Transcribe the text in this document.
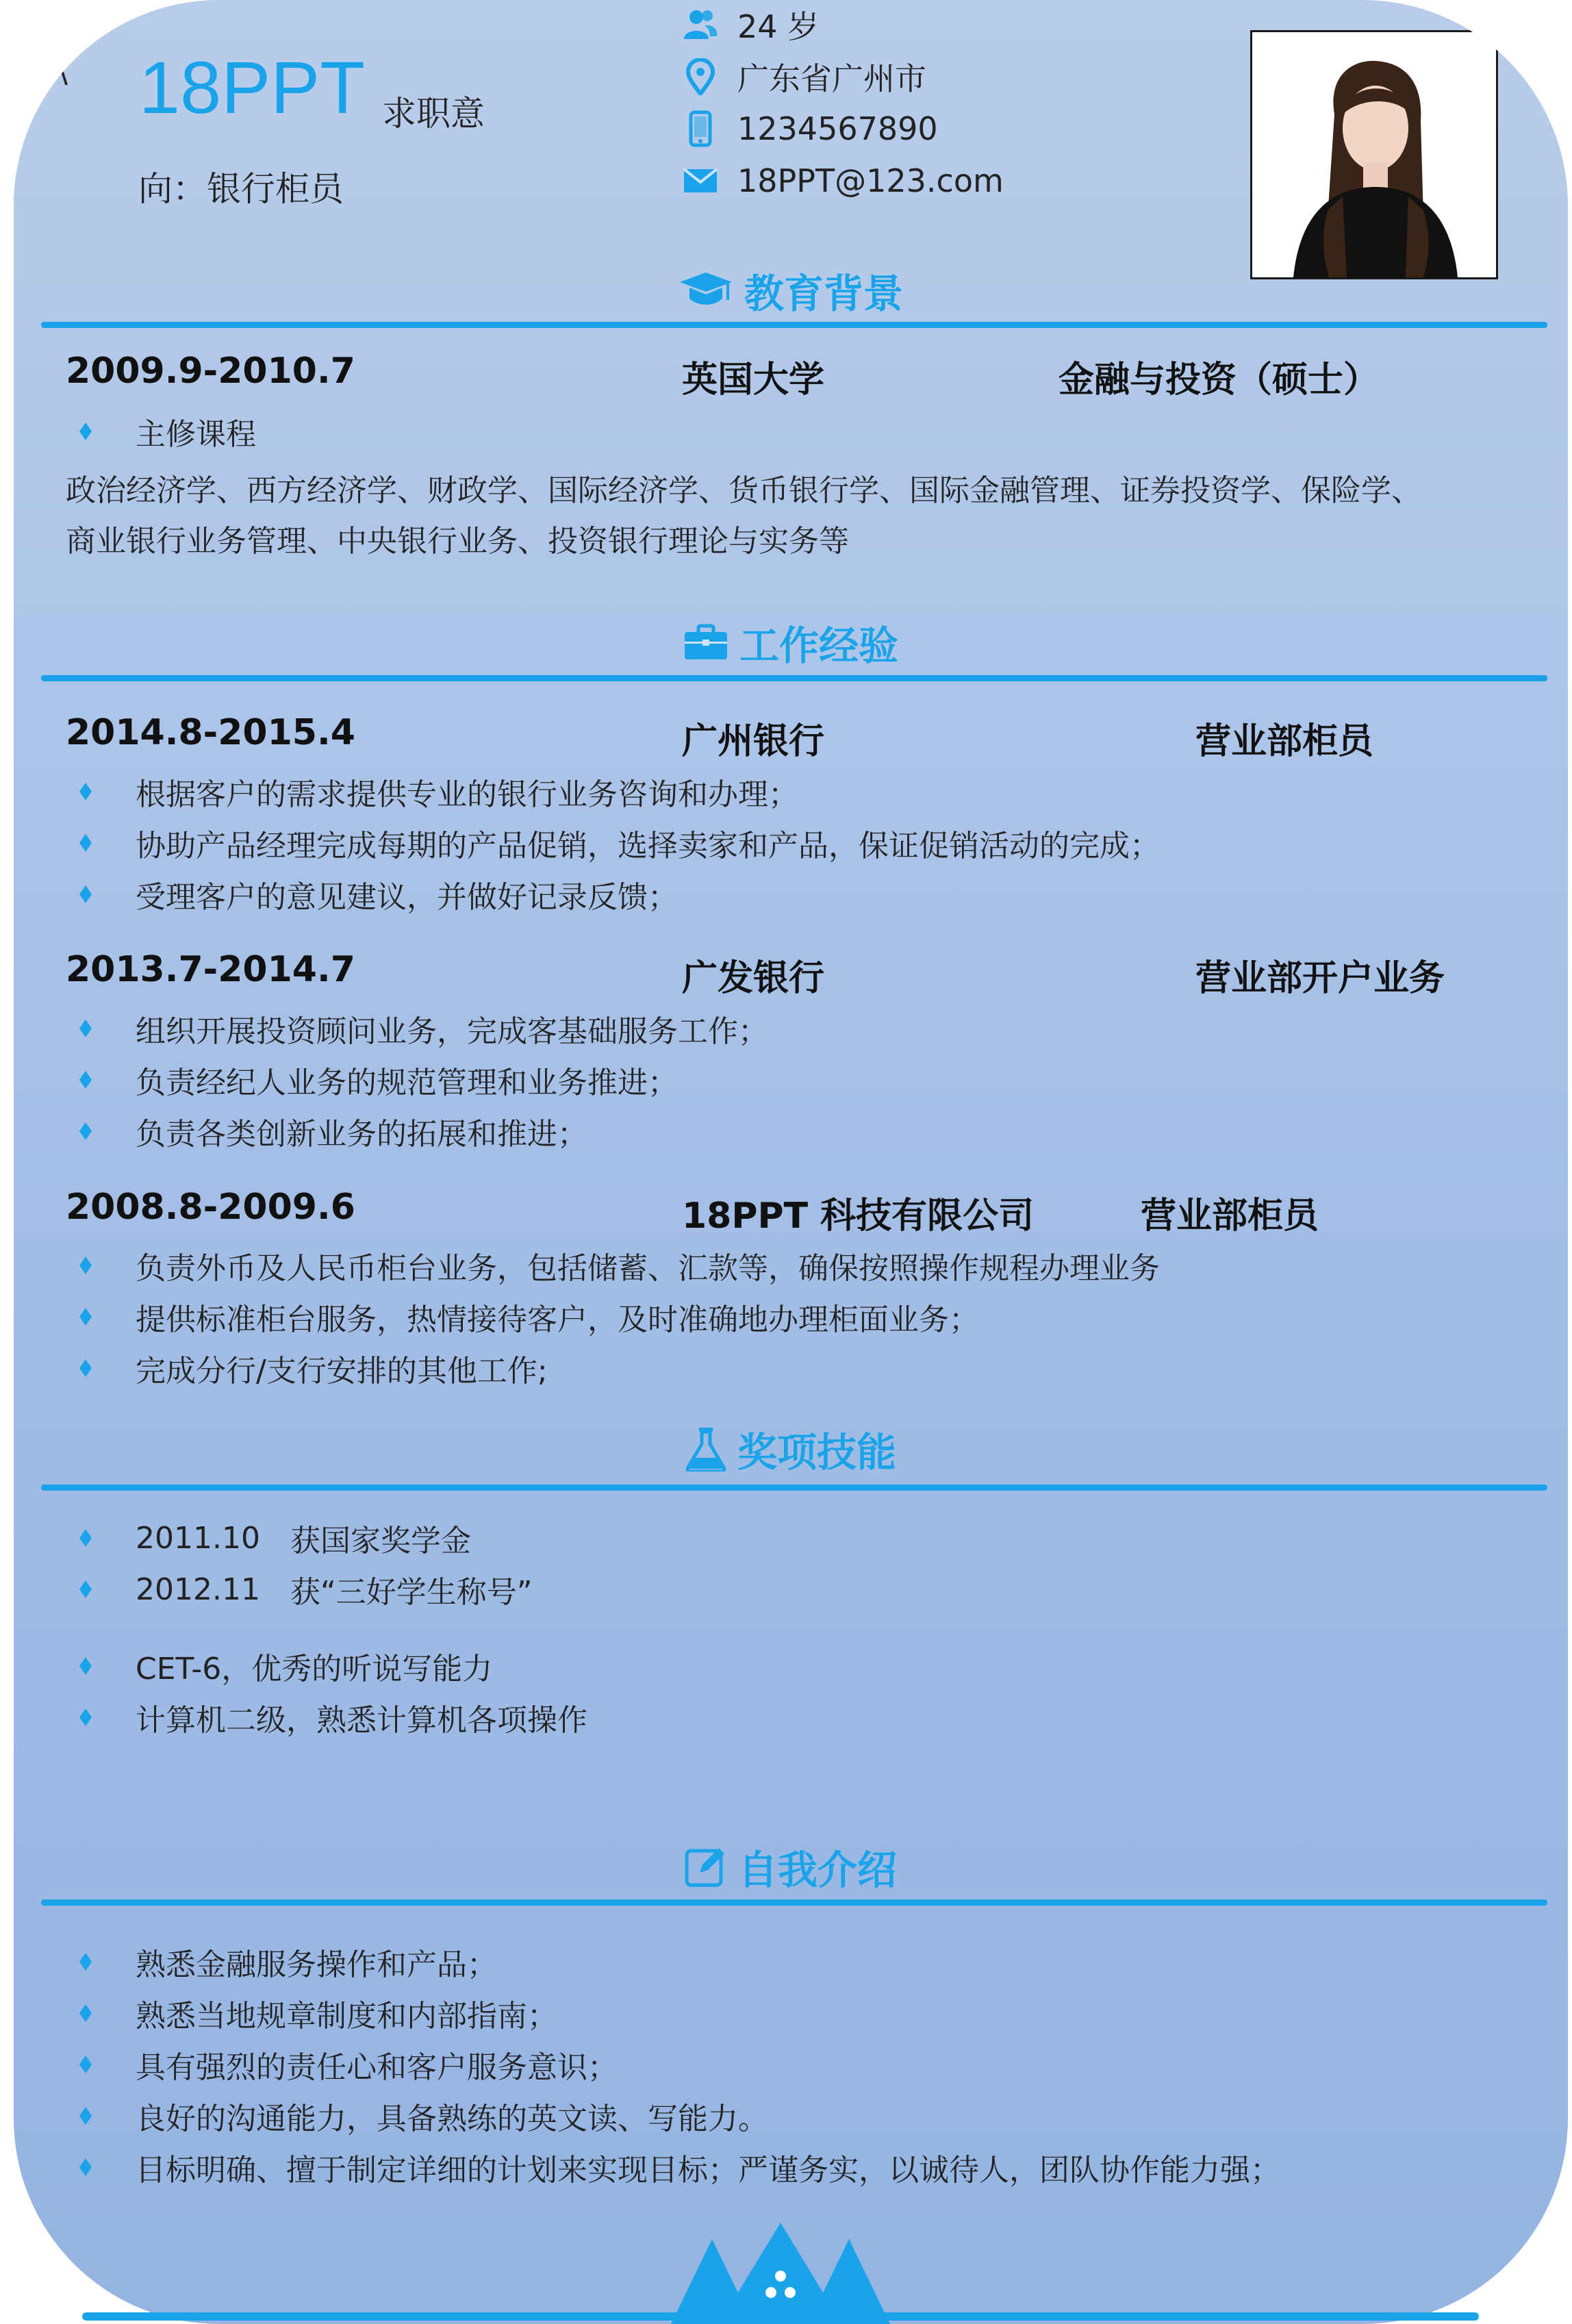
\ 18PPT 求职意
向：银行柜员
24 岁
广东省广州市
1234567890
18PPT@123.com
教育背景
2009.9-2010.7	英国大学	金融与投资（硕士）
主修课程
政治经济学、西方经济学、财政学、国际经济学、货币银行学、国际金融管理、证券投资学、保险学、
商业银行业务管理、中央银行业务、投资银行理论与实务等
工作经验
2014.8-2015.4	广州银行	营业部柜员
根据客户的需求提供专业的银行业务咨询和办理；
协助产品经理完成每期的产品促销，选择卖家和产品，保证促销活动的完成；
受理客户的意见建议，并做好记录反馈；
2013.7-2014.7	广发银行	营业部开户业务
组织开展投资顾问业务，完成客基础服务工作；
负责经纪人业务的规范管理和业务推进；
负责各类创新业务的拓展和推进；
2008.8-2009.6	18PPT 科技有限公司	营业部柜员
负责外币及人民币柜台业务，包括储蓄、汇款等，确保按照操作规程办理业务
提供标准柜台服务，热情接待客户，及时准确地办理柜面业务；
完成分行/支行安排的其他工作;
奖项技能
2011.10 获国家奖学金
2012.11 获“三好学生称号”
CET-6，优秀的听说写能力
计算机二级，熟悉计算机各项操作
自我介绍
熟悉金融服务操作和产品；
熟悉当地规章制度和内部指南；
具有强烈的责任心和客户服务意识；
良好的沟通能力，具备熟练的英文读、写能力。
目标明确、擅于制定详细的计划来实现目标；严谨务实，以诚待人，团队协作能力强；
